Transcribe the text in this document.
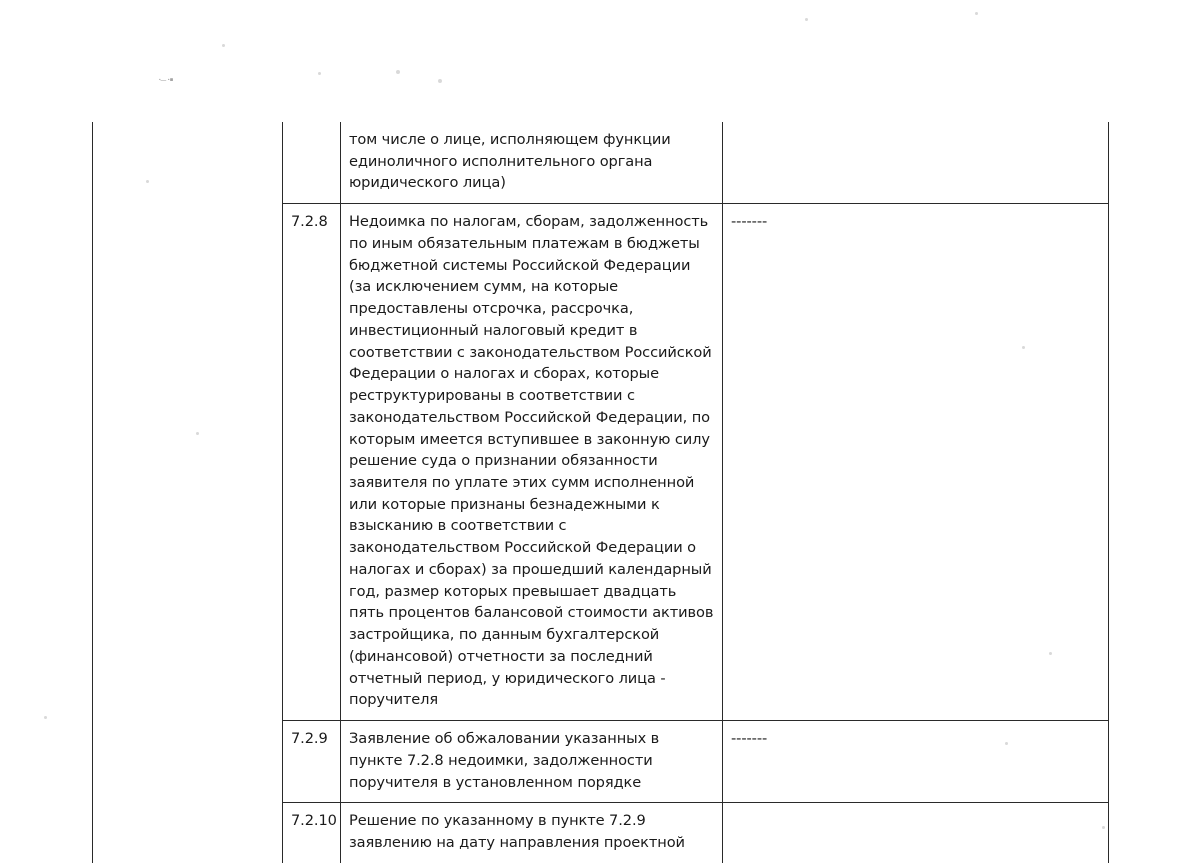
·– ·▪
		том числе о лице, исполняющем функции единоличного исполнительного органа юридического лица)	
	7.2.8	Недоимка по налогам, сборам, задолженность по иным обязательным платежам в бюджеты бюджетной системы Российской Федерации (за исключением сумм, на которые предоставлены отсрочка, рассрочка, инвестиционный налоговый кредит в соответствии с законодательством Российской Федерации о налогах и сборах, которые реструктурированы в соответствии с законодательством Российской Федерации, по которым имеется вступившее в законную силу решение суда о признании обязанности заявителя по уплате этих сумм исполненной или которые признаны безнадежными к взысканию в соответствии с законодательством Российской Федерации о налогах и сборах) за прошедший календарный год, размер которых превышает двадцать пять процентов балансовой стоимости активов застройщика, по данным бухгалтерской (финансовой) отчетности за последний отчетный период, у юридического лица - поручителя	-------
	7.2.9	Заявление об обжаловании указанных в пункте 7.2.8 недоимки, задолженности поручителя в установленном порядке	-------
	7.2.10	Решение по указанному в пункте 7.2.9 заявлению на дату направления проектной	
